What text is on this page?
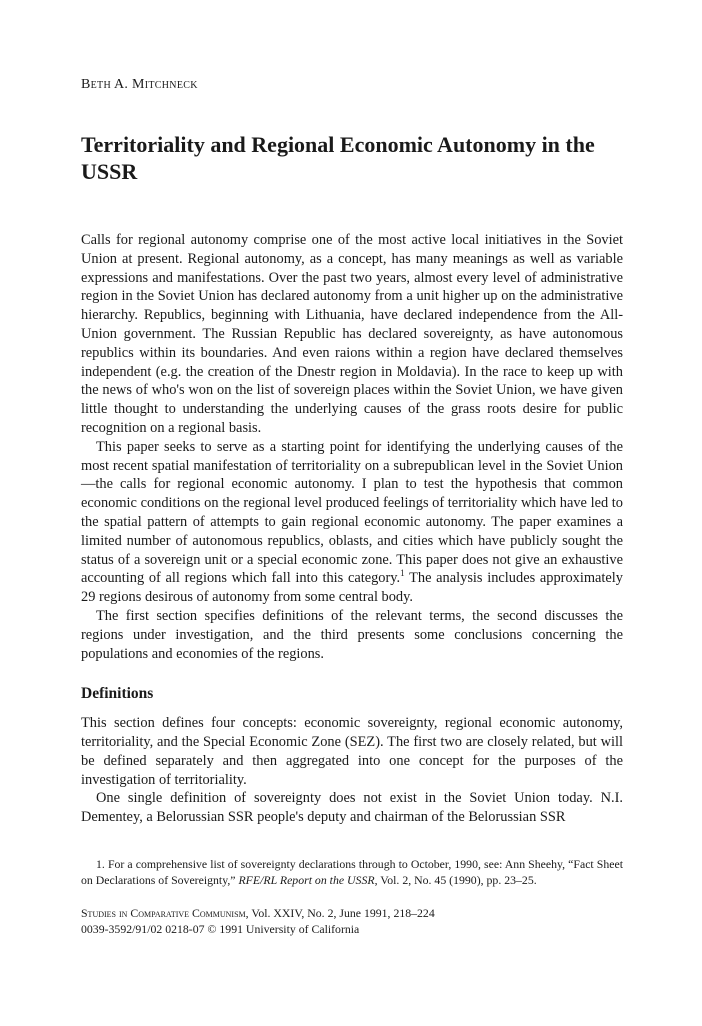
Beth A. Mitchneck
Territoriality and Regional Economic Autonomy in the USSR

Calls for regional autonomy comprise one of the most active local initiatives in the Soviet Union at present. Regional autonomy, as a concept, has many meanings as well as variable expressions and manifestations. Over the past two years, almost every level of administrative region in the Soviet Union has declared autonomy from a unit higher up on the administrative hierarchy. Republics, beginning with Lithuania, have declared independence from the All-Union government. The Russian Republic has declared sovereignty, as have autonomous republics within its boundaries. And even raions within a region have declared themselves independent (e.g. the creation of the Dnestr region in Moldavia). In the race to keep up with the news of who's won on the list of sovereign places within the Soviet Union, we have given little thought to understanding the underlying causes of the grass roots desire for public recognition on a regional basis.

This paper seeks to serve as a starting point for identifying the underlying causes of the most recent spatial manifestation of territoriality on a subrepublican level in the Soviet Union—the calls for regional economic autonomy. I plan to test the hypothesis that common economic conditions on the regional level produced feelings of territoriality which have led to the spatial pattern of attempts to gain regional economic autonomy. The paper examines a limited number of autonomous republics, oblasts, and cities which have publicly sought the status of a sovereign unit or a special economic zone. This paper does not give an exhaustive accounting of all regions which fall into this category.$^1$ The analysis includes approximately 29 regions desirous of autonomy from some central body.

The first section specifies definitions of the relevant terms, the second discusses the regions under investigation, and the third presents some conclusions concerning the populations and economies of the regions.

Definitions

This section defines four concepts: economic sovereignty, regional economic autonomy, territoriality, and the Special Economic Zone (SEZ). The first two are closely related, but will be defined separately and then aggregated into one concept for the purposes of the investigation of territoriality.

One single definition of sovereignty does not exist in the Soviet Union today. N.I. Dementey, a Belorussian SSR people's deputy and chairman of the Belorussian SSR

1. For a comprehensive list of sovereignty declarations through to October, 1990, see: Ann Sheehy, “Fact Sheet on Declarations of Sovereignty,” RFE/RL Report on the USSR, Vol. 2, No. 45 (1990), pp. 23–25.

Studies in Comparative Communism, Vol. XXIV, No. 2, June 1991, 218–224
0039-3592/91/02 0218-07 © 1991 University of California
